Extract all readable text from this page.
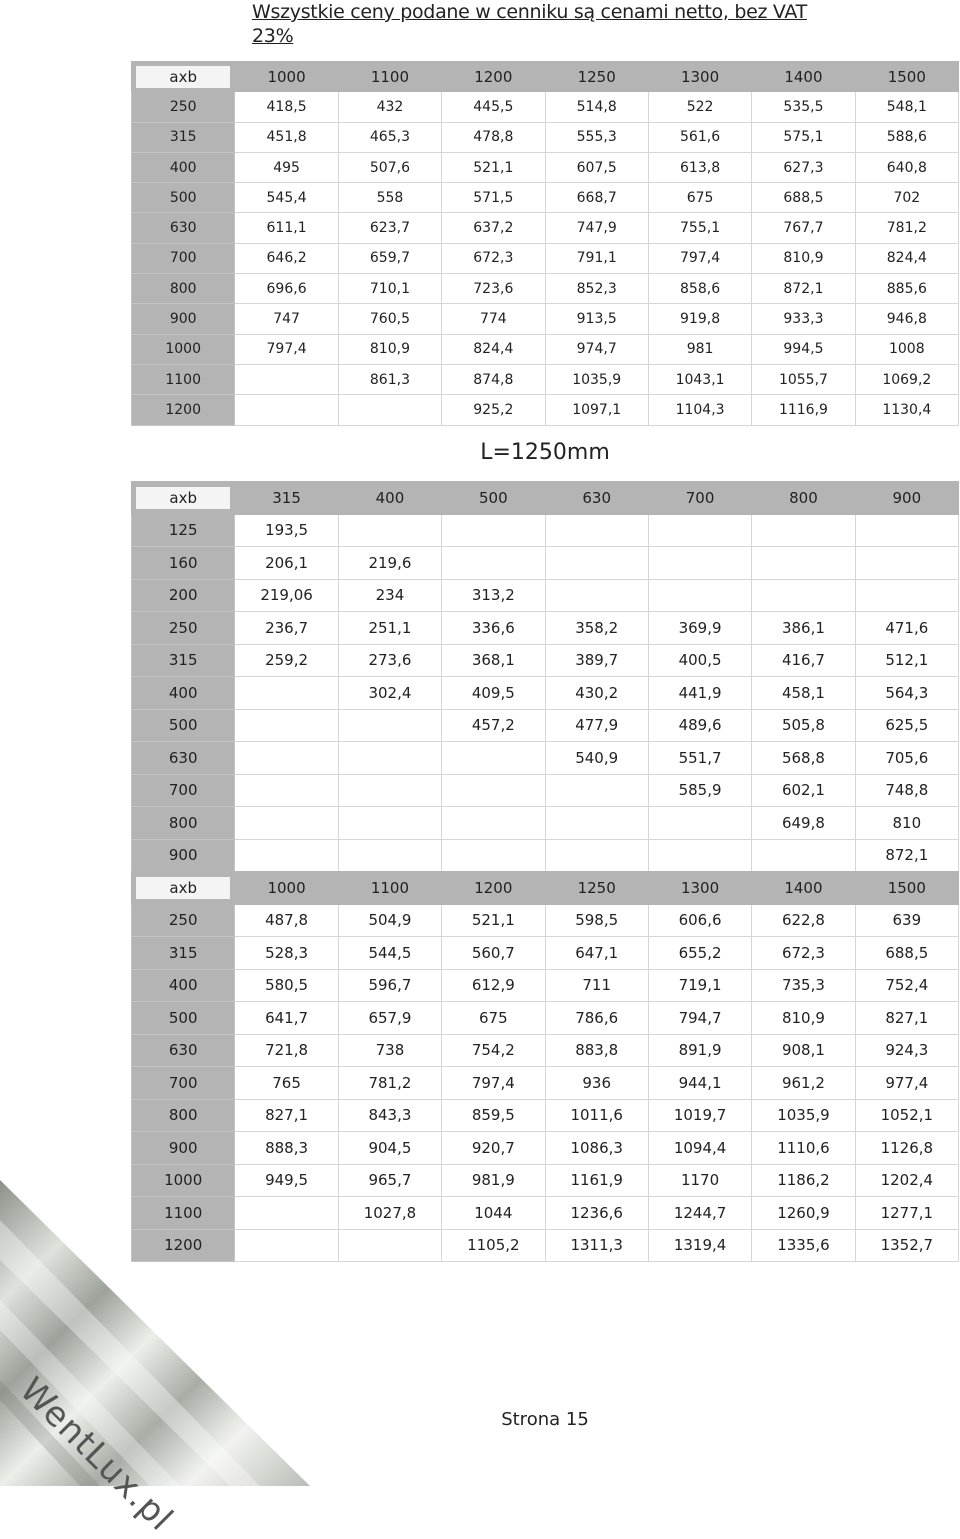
Wszystkie ceny podane w cenniku są cenami netto, bez VAT 23%
axb	1000	1100	1200	1250	1300	1400	1500
250	418,5	432	445,5	514,8	522	535,5	548,1
315	451,8	465,3	478,8	555,3	561,6	575,1	588,6
400	495	507,6	521,1	607,5	613,8	627,3	640,8
500	545,4	558	571,5	668,7	675	688,5	702
630	611,1	623,7	637,2	747,9	755,1	767,7	781,2
700	646,2	659,7	672,3	791,1	797,4	810,9	824,4
800	696,6	710,1	723,6	852,3	858,6	872,1	885,6
900	747	760,5	774	913,5	919,8	933,3	946,8
1000	797,4	810,9	824,4	974,7	981	994,5	1008
1100		861,3	874,8	1035,9	1043,1	1055,7	1069,2
1200			925,2	1097,1	1104,3	1116,9	1130,4
L=1250mm
axb	315	400	500	630	700	800	900
125	193,5						
160	206,1	219,6					
200	219,06	234	313,2				
250	236,7	251,1	336,6	358,2	369,9	386,1	471,6
315	259,2	273,6	368,1	389,7	400,5	416,7	512,1
400		302,4	409,5	430,2	441,9	458,1	564,3
500			457,2	477,9	489,6	505,8	625,5
630				540,9	551,7	568,8	705,6
700					585,9	602,1	748,8
800						649,8	810
900							872,1
axb	1000	1100	1200	1250	1300	1400	1500
250	487,8	504,9	521,1	598,5	606,6	622,8	639
315	528,3	544,5	560,7	647,1	655,2	672,3	688,5
400	580,5	596,7	612,9	711	719,1	735,3	752,4
500	641,7	657,9	675	786,6	794,7	810,9	827,1
630	721,8	738	754,2	883,8	891,9	908,1	924,3
700	765	781,2	797,4	936	944,1	961,2	977,4
800	827,1	843,3	859,5	1011,6	1019,7	1035,9	1052,1
900	888,3	904,5	920,7	1086,3	1094,4	1110,6	1126,8
1000	949,5	965,7	981,9	1161,9	1170	1186,2	1202,4
1100		1027,8	1044	1236,6	1244,7	1260,9	1277,1
1200			1105,2	1311,3	1319,4	1335,6	1352,7
WentLux.pl	Strona 15
